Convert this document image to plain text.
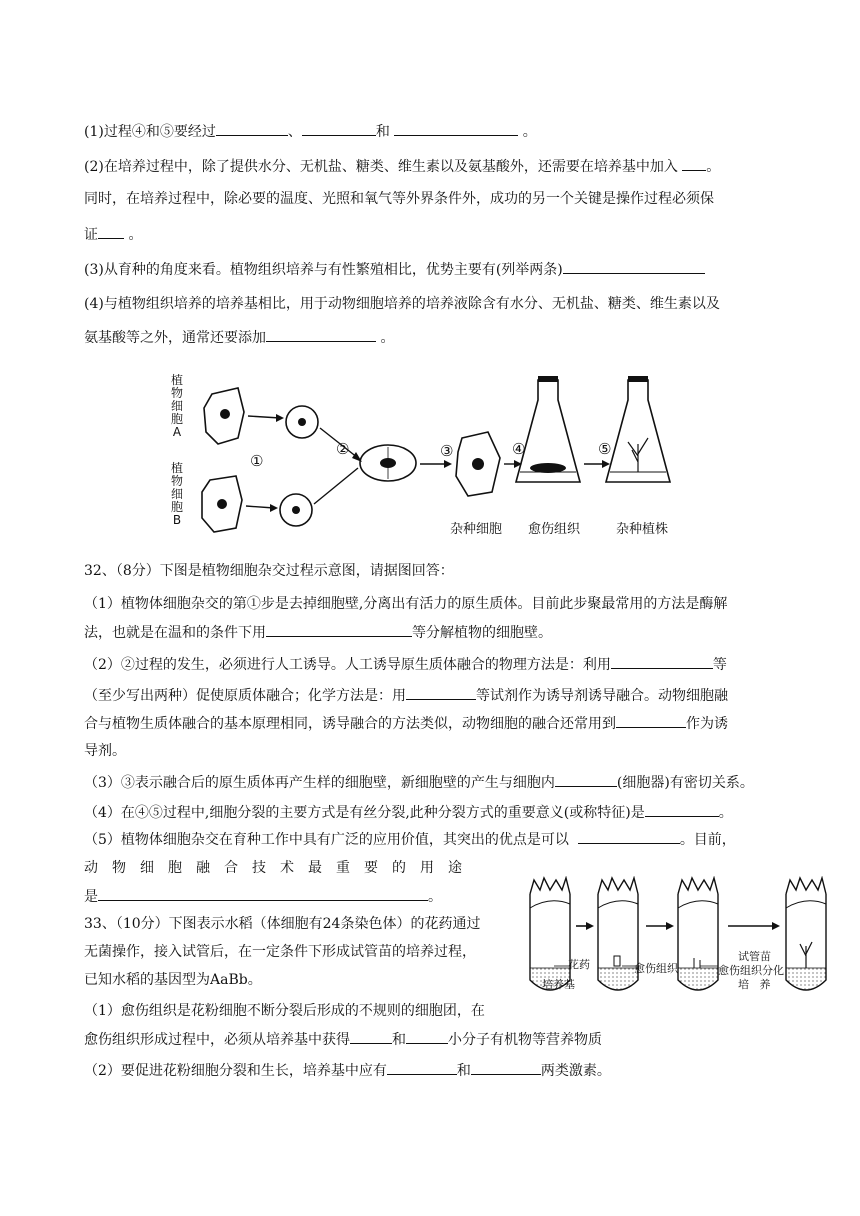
(1)过程④和⑤要经过	、	和	。
(2)在培养过程中，除了提供水分、无机盐、糖类、维生素以及氨基酸外，还需要在培养基中加入 。
同时，在培养过程中，除必要的温度、光照和氧气等外界条件外，成功的另一个关键是操作过程必须保
证 。
(3)从育种的角度来看。植物组织培养与有性繁殖相比，优势主要有(列举两条)
(4)与植物组织培养的培养基相比，用于动物细胞培养的培养液除含有水分、无机盐、糖类、维生素以及
氨基酸等之外，通常还要添加	。
植
物
细
胞
A
植
物
细
胞
B
①
②	③	④	⑤
杂种细胞 愈伤组织	杂种植株
32、（8分）下图是植物细胞杂交过程示意图，请据图回答：
（1）植物体细胞杂交的第①步是去掉细胞壁,分离出有活力的原生质体。目前此步聚最常用的方法是酶解
法，也就是在温和的条件下用	等分解植物的细胞壁。
（2）②过程的发生，必须进行人工诱导。人工诱导原生质体融合的物理方法是：利用	等
（至少写出两种）促使原质体融合；化学方法是：用	等试剂作为诱导剂诱导融合。动物细胞融
合与植物生质体融合的基本原理相同，诱导融合的方法类似，动物细胞的融合还常用到	作为诱
导剂。
（3）③表示融合后的原生质体再产生样的细胞壁，新细胞壁的产生与细胞内	(细胞器)有密切关系。
（4）在④⑤过程中,细胞分裂的主要方式是有丝分裂,此种分裂方式的重要意义(或称特征)是	。
（5）植物体细胞杂交在育种工作中具有广泛的应用价值，其突出的优点是可以	。目前，
动物细胞融合技术最重要的用途
是	。
33、（10分）下图表示水稻（体细胞有24条染色体）的花药通过
无菌操作，接入试管后，在一定条件下形成试管苗的培养过程，
已知水稻的基因型为AaBb。
（1）愈伤组织是花粉细胞不断分裂后形成的不规则的细胞团，在
愈伤组织形成过程中，必须从培养基中获得	和	小分子有机物等营养物质
（2）要促进花粉细胞分裂和生长，培养基中应有	和	两类激素。
花药
培养基
愈伤组织
试管苗
愈伤组织分化
培 养
